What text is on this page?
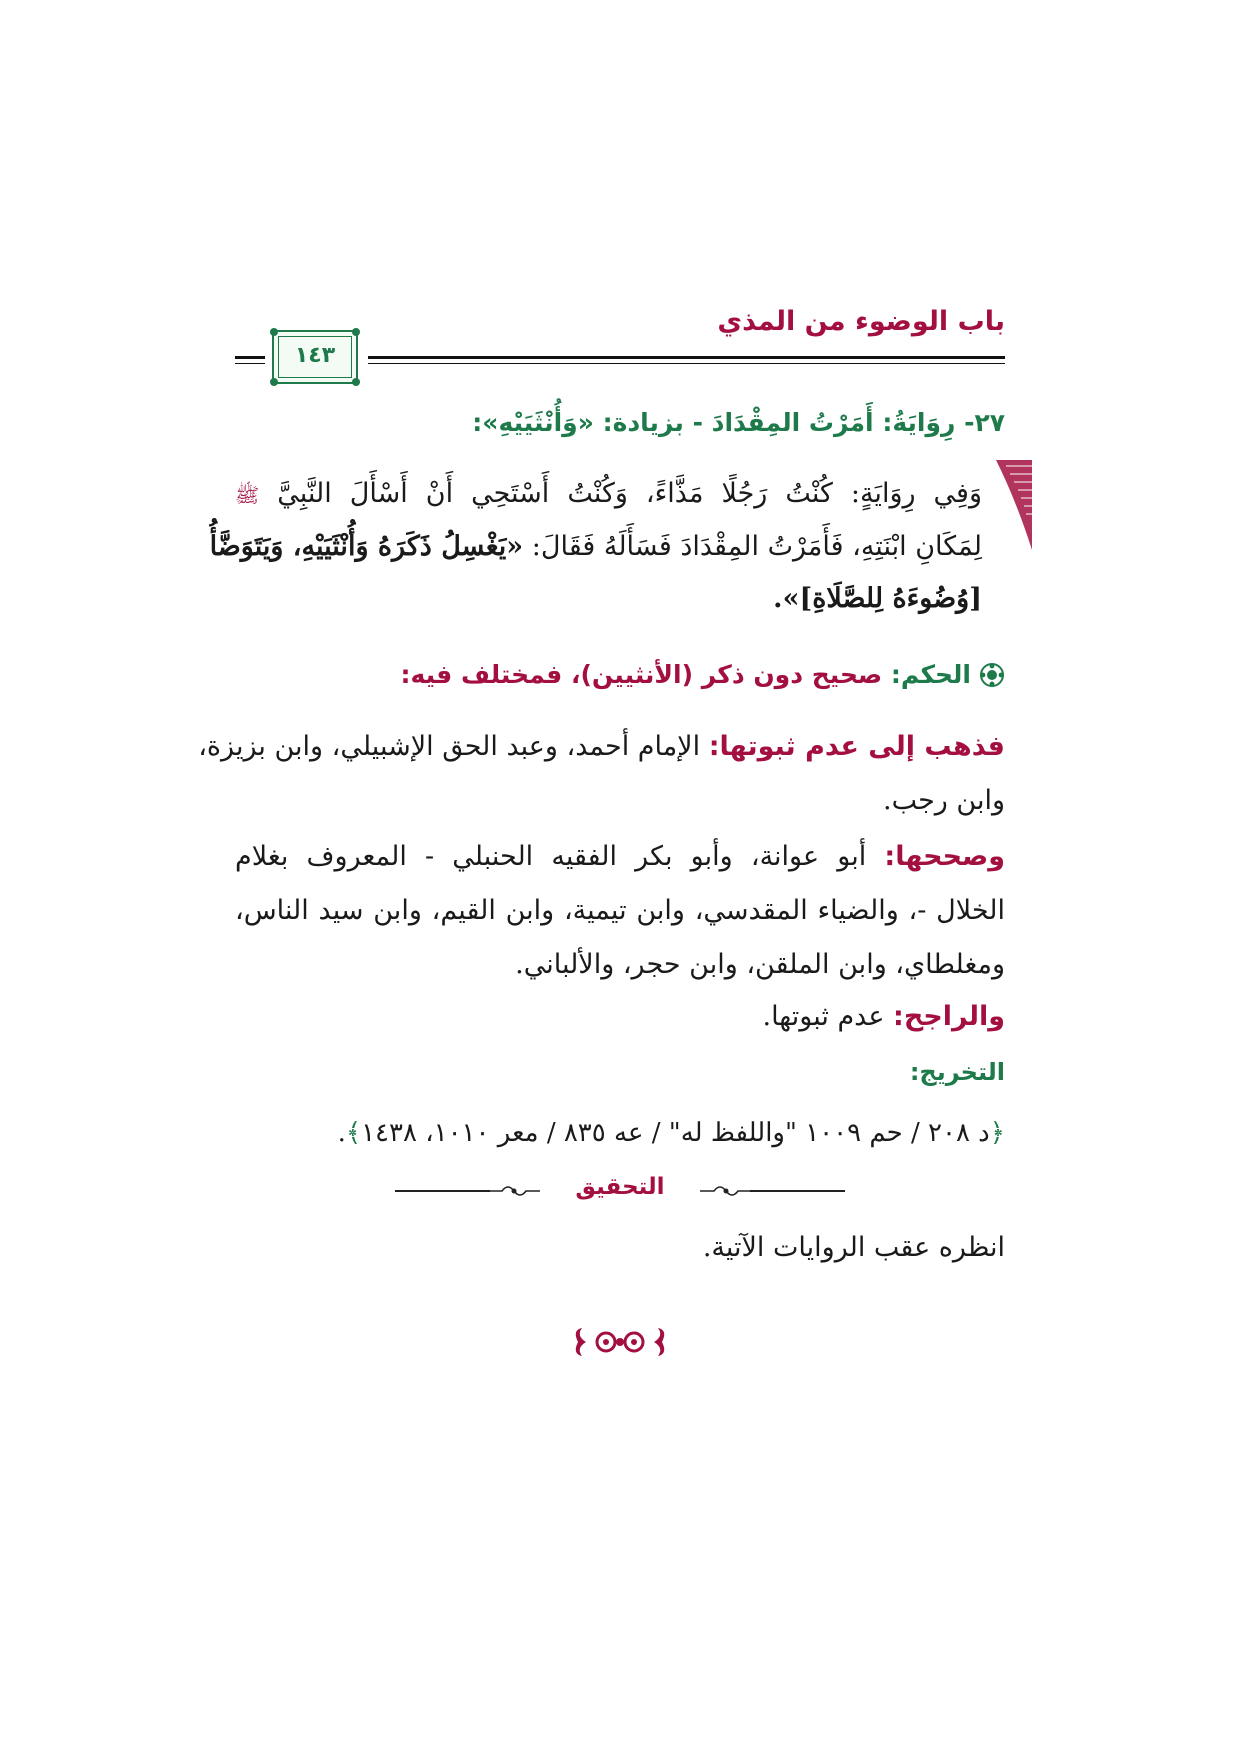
باب الوضوء من المذي
١٤٣
٢٧- رِوَايَةُ: أَمَرْتُ المِقْدَادَ - بزيادة: «وَأُنْثَيَيْهِ»:
وَفِي رِوَايَةٍ: كُنْتُ رَجُلًا مَذَّاءً، وَكُنْتُ أَسْتَحِي أَنْ أَسْأَلَ النَّبِيَّ ﷺ
لِمَكَانِ ابْنَتِهِ، فَأَمَرْتُ المِقْدَادَ فَسَأَلَهُ فَقَالَ: «يَغْسِلُ ذَكَرَهُ وَأُنْثَيَيْهِ، وَيَتَوَضَّأُ
[وُضُوءَهُ لِلصَّلَاةِ]».
الحكم: صحيح دون ذكر (الأنثيين)، فمختلف فيه:
فذهب إلى عدم ثبوتها: الإمام أحمد، وعبد الحق الإشبيلي، وابن بزيزة،
وابن رجب.
وصححها: أبو عوانة، وأبو بكر الفقيه الحنبلي - المعروف بغلام
الخلال -، والضياء المقدسي، وابن تيمية، وابن القيم، وابن سيد الناس،
ومغلطاي، وابن الملقن، وابن حجر، والألباني.
والراجح: عدم ثبوتها.
التخريج:
﴿د ٢٠٨ / حم ١٠٠٩ "واللفظ له" / عه ٨٣٥ / معر ١٠١٠، ١٤٣٨﴾.
التحقيق
انظره عقب الروايات الآتية.
